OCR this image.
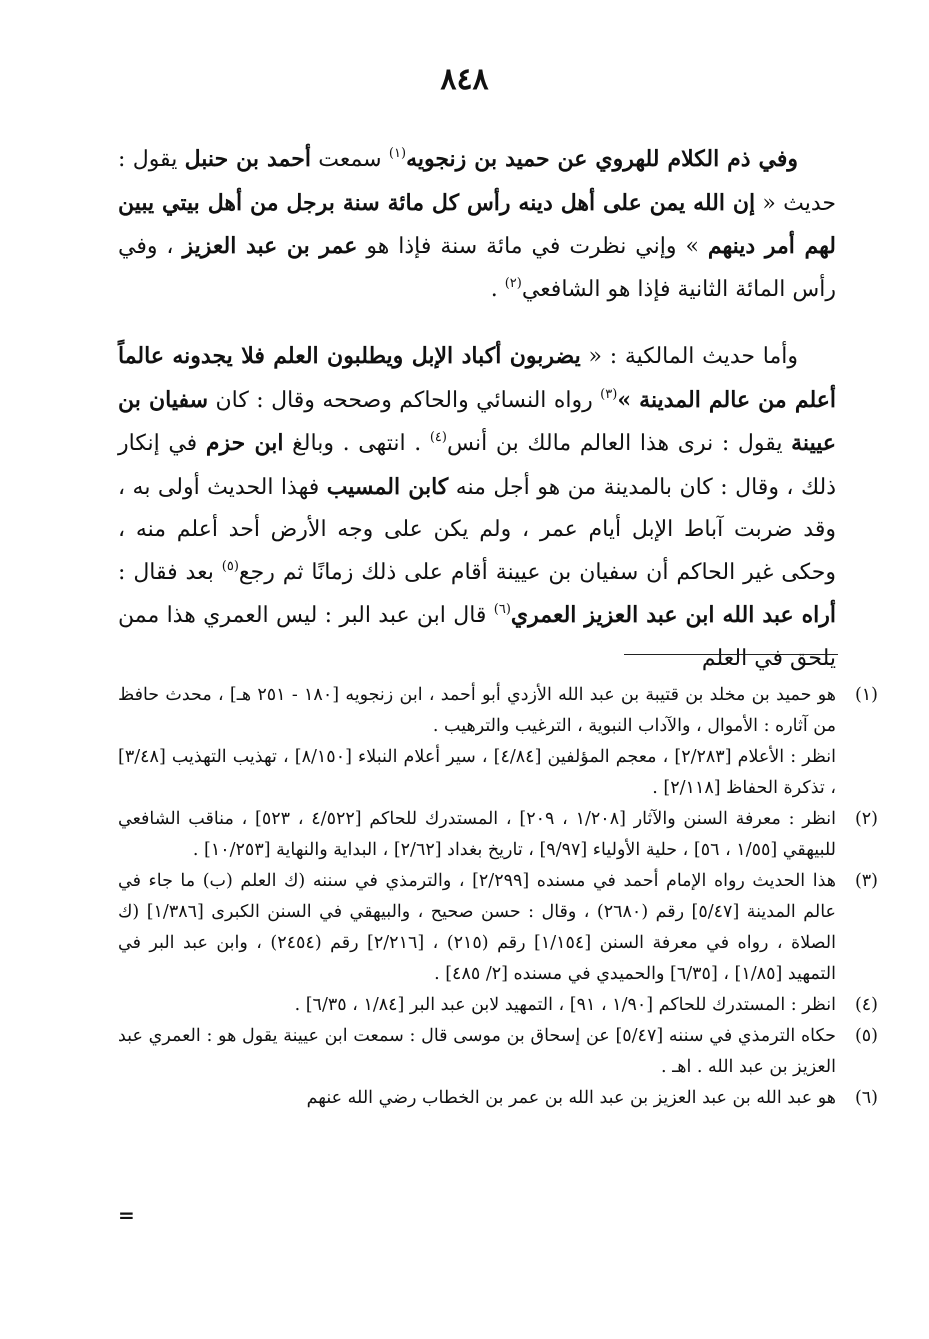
٨٤٨

وفي ذم الكلام للهروي عن حميد بن زنجويه$^{(١)}$ سمعت أحمد بن حنبل يقول : حديث « إن الله يمن على أهل دينه رأس كل مائة سنة برجل من أهل بيتي يبين لهم أمر دينهم » وإني نظرت في مائة سنة فإذا هو عمر بن عبد العزيز ، وفي رأس المائة الثانية فإذا هو الشافعي$^{(٢)}$ .

وأما حديث المالكية : « يضربون أكباد الإبل ويطلبون العلم فلا يجدونه عالماً أعلم من عالم المدينة »$^{(٣)}$ رواه النسائي والحاكم وصححه وقال : كان سفيان بن عيينة يقول : نرى هذا العالم مالك بن أنس$^{(٤)}$ . انتهى . وبالغ ابن حزم في إنكار ذلك ، وقال : كان بالمدينة من هو أجل منه كابن المسيب فهذا الحديث أولى به ، وقد ضربت آباط الإبل أيام عمر ، ولم يكن على وجه الأرض أحد أعلم منه ، وحكى غير الحاكم أن سفيان بن عيينة أقام على ذلك زمانًا ثم رجع$^{(٥)}$ بعد فقال : أراه عبد الله ابن عبد العزيز العمري$^{(٦)}$ قال ابن عبد البر : ليس العمري هذا ممن يلحق في العلم

(١)
هو حميد بن مخلد بن قتيبة بن عبد الله الأزدي أبو أحمد ، ابن زنجويه [١٨٠ - ٢٥١ هـ] ، محدث حافظ من آثاره : الأموال ، والآداب النبوية ، الترغيب والترهيب .
انظر : الأعلام [٢/٢٨٣] ، معجم المؤلفين [٤/٨٤] ، سير أعلام النبلاء [٨/١٥٠] ، تهذيب التهذيب [٣/٤٨] ، تذكرة الحفاظ [٢/١١٨] .
(٢)
انظر : معرفة السنن والآثار [١/٢٠٨ ، ٢٠٩] ، المستدرك للحاكم [٤/٥٢٢ ، ٥٢٣] ، مناقب الشافعي للبيهقي [١/٥٥ ، ٥٦] ، حلية الأولياء [٩/٩٧] ، تاريخ بغداد [٢/٦٢] ، البداية والنهاية [١٠/٢٥٣] .
(٣)
هذا الحديث رواه الإمام أحمد في مسنده [٢/٢٩٩] ، والترمذي في سننه (ك العلم (ب) ما جاء في عالم المدينة [٥/٤٧] رقم (٢٦٨٠) ، وقال : حسن صحيح ، والبيهقي في السنن الكبرى [١/٣٨٦] (ك الصلاة ، رواه في معرفة السنن [١/١٥٤] رقم (٢١٥) ، [٢/٢١٦] رقم (٢٤٥٤) ، وابن عبد البر في التمهيد [١/٨٥] ، [٦/٣٥] والحميدي في مسنده [٢/ ٤٨٥] .
(٤)
انظر : المستدرك للحاكم [١/٩٠ ، ٩١] ، التمهيد لابن عبد البر [١/٨٤ ، ٦/٣٥] .
(٥)
حكاه الترمذي في سننه [٥/٤٧] عن إسحاق بن موسى قال : سمعت ابن عيينة يقول هو : العمري عبد العزيز بن عبد الله . اهـ .
(٦)
هو عبد الله بن عبد العزيز بن عبد الله بن عمر بن الخطاب رضي الله عنهم
=
